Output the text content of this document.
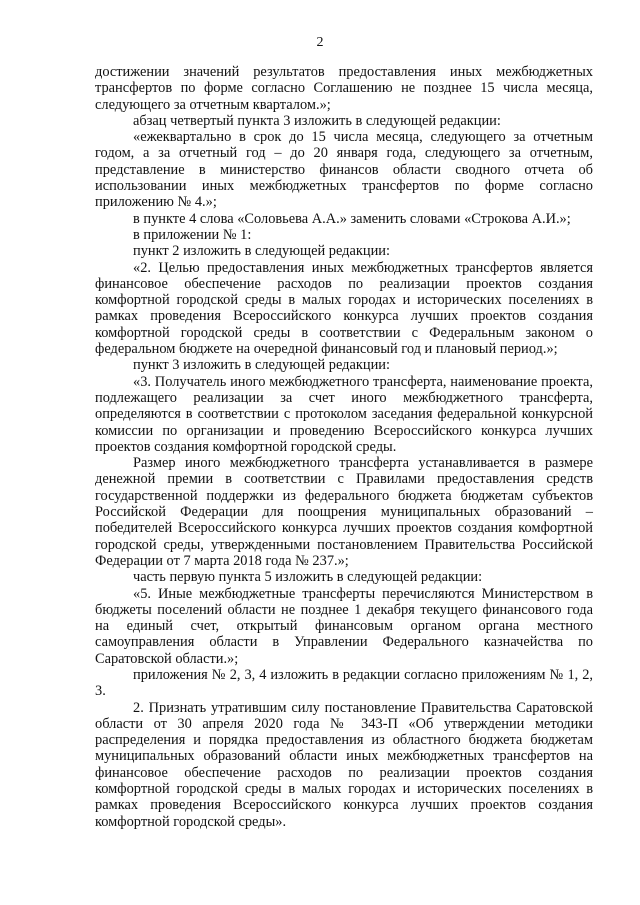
2

достижении значений результатов предоставления иных межбюджетных трансфертов по форме согласно Соглашению не позднее 15 числа месяца, следующего за отчетным кварталом.»;

абзац четвертый пункта 3 изложить в следующей редакции:

«ежеквартально в срок до 15 числа месяца, следующего за отчетным годом, а за отчетный год – до 20 января года, следующего за отчетным, представление в министерство финансов области сводного отчета об использовании иных межбюджетных трансфертов по форме согласно приложению № 4.»;

в пункте 4 слова «Соловьева А.А.» заменить словами «Строкова А.И.»;

в приложении № 1:

пункт 2 изложить в следующей редакции:

«2. Целью предоставления иных межбюджетных трансфертов является финансовое обеспечение расходов по реализации проектов создания комфортной городской среды в малых городах и исторических поселениях в рамках проведения Всероссийского конкурса лучших проектов создания комфортной городской среды в соответствии с Федеральным законом о федеральном бюджете на очередной финансовый год и плановый период.»;

пункт 3 изложить в следующей редакции:

«3. Получатель иного межбюджетного трансферта, наименование проекта, подлежащего реализации за счет иного межбюджетного трансферта, определяются в соответствии с протоколом заседания федеральной конкурсной комиссии по организации и проведению Всероссийского конкурса лучших проектов создания комфортной городской среды.

Размер иного межбюджетного трансферта устанавливается в размере денежной премии в соответствии с Правилами предоставления средств государственной поддержки из федерального бюджета бюджетам субъектов Российской Федерации для поощрения муниципальных образований – победителей Всероссийского конкурса лучших проектов создания комфортной городской среды, утвержденными постановлением Правительства Российской Федерации от 7 марта 2018 года № 237.»;

часть первую пункта 5 изложить в следующей редакции:

«5. Иные межбюджетные трансферты перечисляются Министерством в бюджеты поселений области не позднее 1 декабря текущего финансового года на единый счет, открытый финансовым органом органа местного самоуправления области в Управлении Федерального казначейства по Саратовской области.»;

приложения № 2, 3, 4 изложить в редакции согласно приложениям № 1, 2, 3.

2. Признать утратившим силу постановление Правительства Саратовской области от 30 апреля 2020 года № 343-П «Об утверждении методики распределения и порядка предоставления из областного бюджета бюджетам муниципальных образований области иных межбюджетных трансфертов на финансовое обеспечение расходов по реализации проектов создания комфортной городской среды в малых городах и исторических поселениях в рамках проведения Всероссийского конкурса лучших проектов создания комфортной городской среды».
